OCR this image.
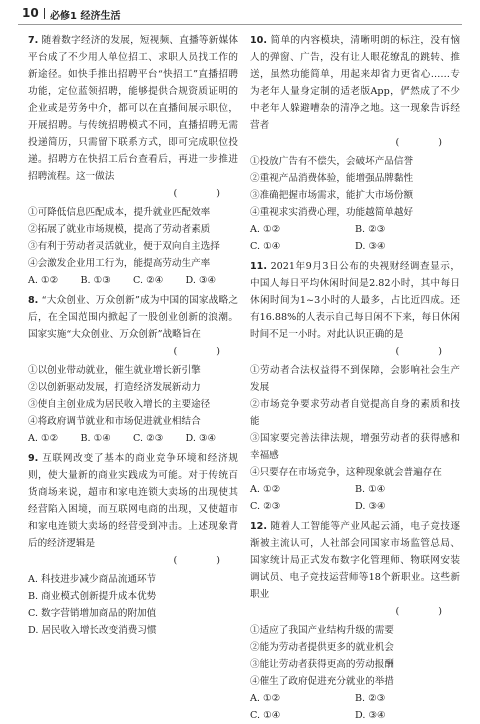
10 必修1 经济生活

7. 随着数字经济的发展，短视频、直播等新媒体平台成了不少用人单位招工、求职人员找工作的新途径。如快手推出招聘平台“快招工”直播招聘功能，定位蓝领招聘，能够提供合规资质证明的企业或是劳务中介，都可以在直播间展示职位，开展招聘。与传统招聘模式不同，直播招聘无需投递简历，只需留下联系方式，即可完成职位投递。招聘方在快招工后台查看后，再进一步推进招聘流程。这一做法
( )

①可降低信息匹配成本，提升就业匹配效率

②拓展了就业市场规模，提高了劳动者素质

③有利于劳动者灵活就业，便于双向自主选择

④会激发企业用工行为，能提高劳动生产率

A. ①②	B. ①③	C. ②④	D. ③④

8. “大众创业、万众创新”成为中国的国家战略之后，在全国范围内掀起了一股创业创新的浪潮。国家实施“大众创业、万众创新”战略旨在
( )

①以创业带动就业，催生就业增长新引擎

②以创新驱动发展，打造经济发展新动力

③使自主创业成为居民收入增长的主要途径

④将政府调节就业和市场促进就业相结合

A. ①②	B. ①④	C. ②③	D. ③④

9. 互联网改变了基本的商业竞争环境和经济规则，使大量新的商业实践成为可能。对于传统百货商场来说，超市和家电连锁大卖场的出现使其经营陷入困境，而互联网电商的出现，又使超市和家电连锁大卖场的经营受到冲击。上述现象背后的经济逻辑是
( )

A. 科技进步减少商品流通环节

B. 商业模式创新提升成本优势

C. 数字营销增加商品的附加值

D. 居民收入增长改变消费习惯

10. 简单的内容模块，清晰明朗的标注，没有恼人的弹窗、广告，没有让人眼花缭乱的跳转、推送，虽然功能简单，用起来却省力更省心……专为老年人量身定制的适老版App，俨然成了不少中老年人躲避嘈杂的清净之地。这一现象告诉经营者
( )

①投放广告有不偿失，会破坏产品信誉

②重视产品消费体验，能增强品牌黏性

③准确把握市场需求，能扩大市场份额

④重视求实消费心理，功能越简单越好

A. ①②	B. ②③
C. ①④	D. ③④

11. 2021年9月3日公布的央视财经调查显示，中国人每日平均休闲时间是2.82小时，其中每日休闲时间为1~3小时的人最多，占比近四成。还有16.88%的人表示自己每日闲不下来，每日休闲时间不足一小时。对此认识正确的是
( )

①劳动者合法权益得不到保障，会影响社会生产发展

②市场竞争要求劳动者自觉提高自身的素质和技能

③国家要完善法律法规，增强劳动者的获得感和幸福感

④只要存在市场竞争，这种现象就会普遍存在

A. ①②	B. ①④
C. ②③	D. ③④

12. 随着人工智能等产业风起云涌，电子竞技逐渐被主流认可，人社部会同国家市场监管总局、国家统计局正式发布数字化管理师、物联网安装调试员、电子竞技运营师等18个新职业。这些新职业
( )

①适应了我国产业结构升级的需要

②能为劳动者提供更多的就业机会

③能让劳动者获得更高的劳动报酬

④催生了政府促进充分就业的举措

A. ①②	B. ②③
C. ①④	D. ③④
